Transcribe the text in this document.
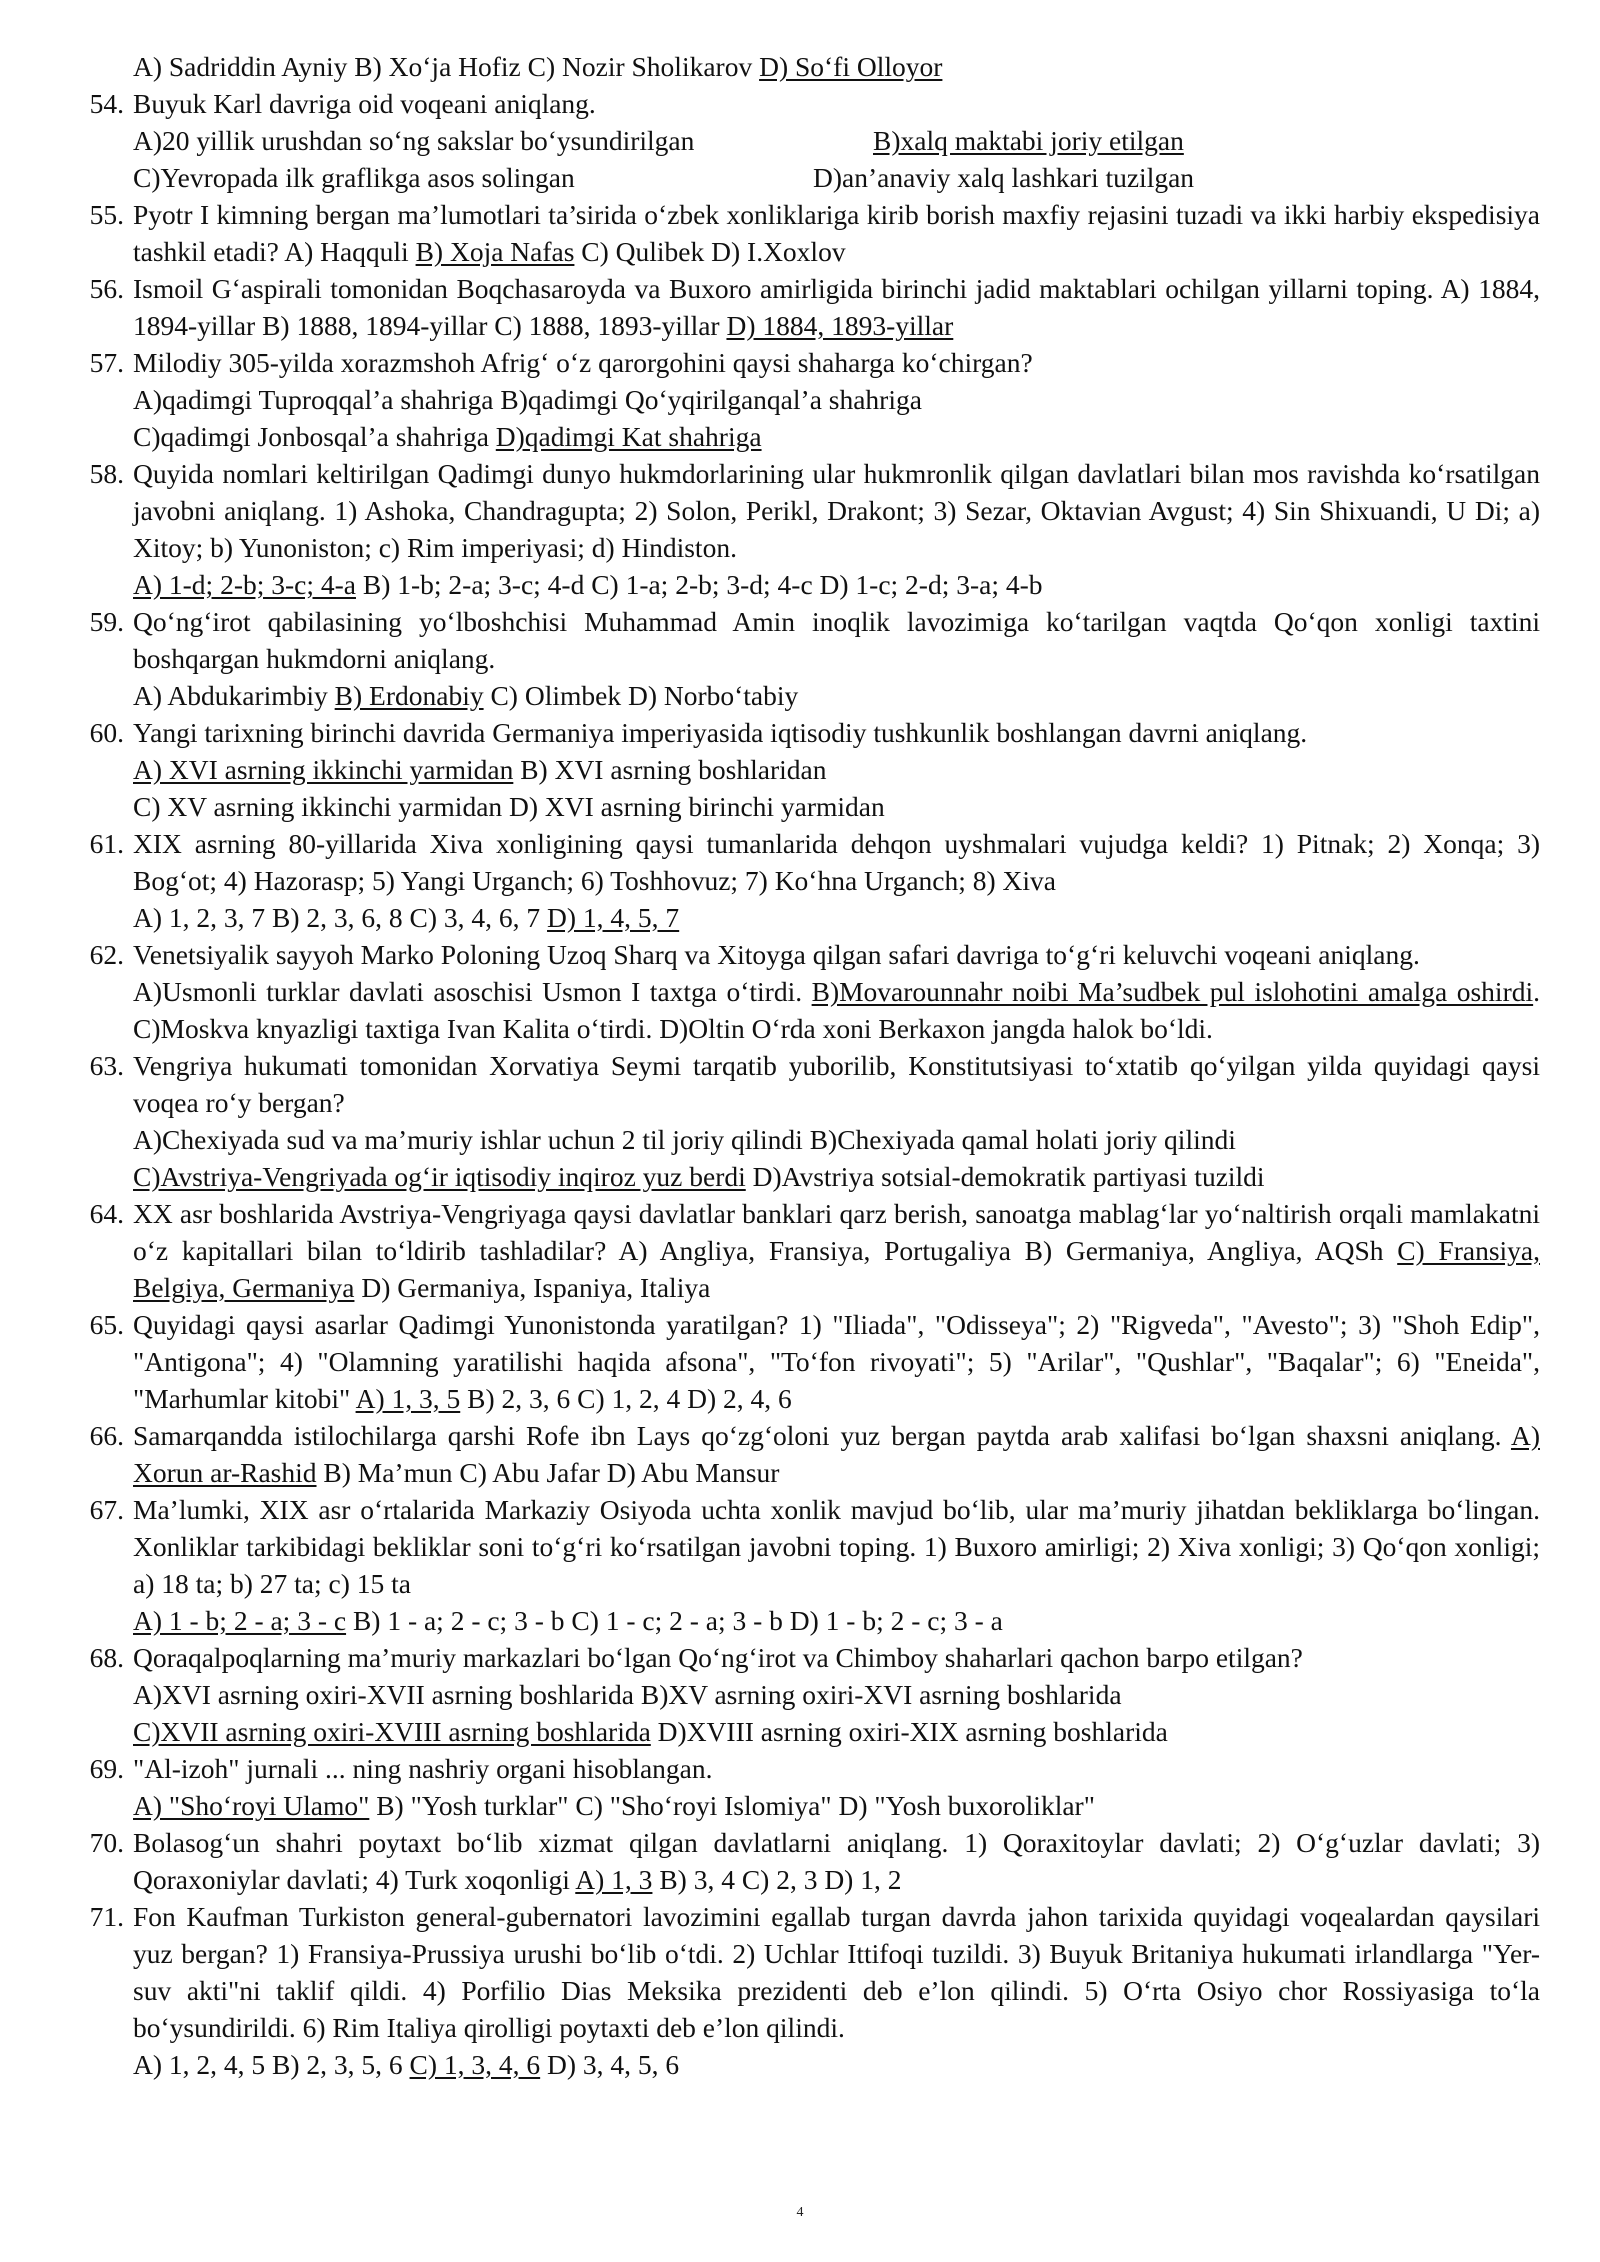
A) Sadriddin Ayniy B) Xo‘ja Hofiz C) Nozir Sholikarov D) So‘fi Olloyor
54. Buyuk Karl davriga oid voqeani aniqlang.
A)20 yillik urushdan so‘ng sakslar bo‘ysundirilgan	B)xalq maktabi joriy etilgan
C)Yevropada ilk graflikga asos solingan	D)an’anaviy xalq lashkari tuzilgan
55. Pyotr I kimning bergan ma’lumotlari ta’sirida o‘zbek xonliklariga kirib borish maxfiy rejasini tuzadi va ikki harbiy ekspedisiya tashkil etadi? A) Haqquli B) Xoja Nafas C) Qulibek D) I.Xoxlov
56. Ismoil G‘aspirali tomonidan Boqchasaroyda va Buxoro amirligida birinchi jadid maktablari ochilgan yillarni toping. A) 1884, 1894-yillar B) 1888, 1894-yillar C) 1888, 1893-yillar D) 1884, 1893-yillar
57. Milodiy 305-yilda xorazmshoh Afrig‘ o‘z qarorgohini qaysi shaharga ko‘chirgan?
A)qadimgi Tuproqqal’a shahriga B)qadimgi Qo‘yqirilganqal’a shahriga
C)qadimgi Jonbosqal’a shahriga D)qadimgi Kat shahriga
58. Quyida nomlari keltirilgan Qadimgi dunyo hukmdorlarining ular hukmronlik qilgan davlatlari bilan mos ravishda ko‘rsatilgan javobni aniqlang. 1) Ashoka, Chandragupta; 2) Solon, Perikl, Drakont; 3) Sezar, Oktavian Avgust; 4) Sin Shixuandi, U Di; a) Xitoy; b) Yunoniston; c) Rim imperiyasi; d) Hindiston.
A) 1-d; 2-b; 3-c; 4-a B) 1-b; 2-a; 3-c; 4-d C) 1-a; 2-b; 3-d; 4-c D) 1-c; 2-d; 3-a; 4-b
59. Qo‘ng‘irot qabilasining yo‘lboshchisi Muhammad Amin inoqlik lavozimiga ko‘tarilgan vaqtda Qo‘qon xonligi taxtini boshqargan hukmdorni aniqlang.
A) Abdukarimbiy B) Erdonabiy C) Olimbek D) Norbo‘tabiy
60. Yangi tarixning birinchi davrida Germaniya imperiyasida iqtisodiy tushkunlik boshlangan davrni aniqlang.
A) XVI asrning ikkinchi yarmidan B) XVI asrning boshlaridan
C) XV asrning ikkinchi yarmidan D) XVI asrning birinchi yarmidan
61. XIX asrning 80-yillarida Xiva xonligining qaysi tumanlarida dehqon uyshmalari vujudga keldi? 1) Pitnak; 2) Xonqa; 3) Bog‘ot; 4) Hazorasp; 5) Yangi Urganch; 6) Toshhovuz; 7) Ko‘hna Urganch; 8) Xiva
A) 1, 2, 3, 7 B) 2, 3, 6, 8 C) 3, 4, 6, 7 D) 1, 4, 5, 7
62. Venetsiyalik sayyoh Marko Poloning Uzoq Sharq va Xitoyga qilgan safari davriga to‘g‘ri keluvchi voqeani aniqlang.
A)Usmonli turklar davlati asoschisi Usmon I taxtga o‘tirdi. B)Movarounnahr noibi Ma’sudbek pul islohotini amalga oshirdi. C)Moskva knyazligi taxtiga Ivan Kalita o‘tirdi. D)Oltin O‘rda xoni Berkaxon jangda halok bo‘ldi.
63. Vengriya hukumati tomonidan Xorvatiya Seymi tarqatib yuborilib, Konstitutsiyasi to‘xtatib qo‘yilgan yilda quyidagi qaysi voqea ro‘y bergan?
A)Chexiyada sud va ma’muriy ishlar uchun 2 til joriy qilindi B)Chexiyada qamal holati joriy qilindi
C)Avstriya-Vengriyada og‘ir iqtisodiy inqiroz yuz berdi D)Avstriya sotsial-demokratik partiyasi tuzildi
64. XX asr boshlarida Avstriya-Vengriyaga qaysi davlatlar banklari qarz berish, sanoatga mablag‘lar yo‘naltirish orqali mamlakatni o‘z kapitallari bilan to‘ldirib tashladilar? A) Angliya, Fransiya, Portugaliya B) Germaniya, Angliya, AQSh C) Fransiya, Belgiya, Germaniya D) Germaniya, Ispaniya, Italiya
65. Quyidagi qaysi asarlar Qadimgi Yunonistonda yaratilgan? 1) "Iliada", "Odisseya"; 2) "Rigveda", "Avesto"; 3) "Shoh Edip", "Antigona"; 4) "Olamning yaratilishi haqida afsona", "To‘fon rivoyati"; 5) "Arilar", "Qushlar", "Baqalar"; 6) "Eneida", "Marhumlar kitobi" A) 1, 3, 5 B) 2, 3, 6 C) 1, 2, 4 D) 2, 4, 6
66. Samarqandda istilochilarga qarshi Rofe ibn Lays qo‘zg‘oloni yuz bergan paytda arab xalifasi bo‘lgan shaxsni aniqlang. A) Xorun ar-Rashid B) Ma’mun C) Abu Jafar D) Abu Mansur
67. Ma’lumki, XIX asr o‘rtalarida Markaziy Osiyoda uchta xonlik mavjud bo‘lib, ular ma’muriy jihatdan bekliklarga bo‘lingan. Xonliklar tarkibidagi bekliklar soni to‘g‘ri ko‘rsatilgan javobni toping. 1) Buxoro amirligi; 2) Xiva xonligi; 3) Qo‘qon xonligi; a) 18 ta; b) 27 ta; c) 15 ta
A) 1 - b; 2 - a; 3 - c B) 1 - a; 2 - c; 3 - b C) 1 - c; 2 - a; 3 - b D) 1 - b; 2 - c; 3 - a
68. Qoraqalpoqlarning ma’muriy markazlari bo‘lgan Qo‘ng‘irot va Chimboy shaharlari qachon barpo etilgan?
A)XVI asrning oxiri-XVII asrning boshlarida B)XV asrning oxiri-XVI asrning boshlarida
C)XVII asrning oxiri-XVIII asrning boshlarida D)XVIII asrning oxiri-XIX asrning boshlarida
69. "Al-izoh" jurnali ... ning nashriy organi hisoblangan.
A) "Sho‘royi Ulamo" B) "Yosh turklar" C) "Sho‘royi Islomiya" D) "Yosh buxoroliklar"
70. Bolasog‘un shahri poytaxt bo‘lib xizmat qilgan davlatlarni aniqlang. 1) Qoraxitoylar davlati; 2) O‘g‘uzlar davlati; 3) Qoraxoniylar davlati; 4) Turk xoqonligi A) 1, 3 B) 3, 4 C) 2, 3 D) 1, 2
71. Fon Kaufman Turkiston general-gubernatori lavozimini egallab turgan davrda jahon tarixida quyidagi voqealardan qaysilari yuz bergan? 1) Fransiya-Prussiya urushi bo‘lib o‘tdi. 2) Uchlar Ittifoqi tuzildi. 3) Buyuk Britaniya hukumati irlandlarga "Yer-suv akti"ni taklif qildi. 4) Porfilio Dias Meksika prezidenti deb e’lon qilindi. 5) O‘rta Osiyo chor Rossiyasiga to‘la bo‘ysundirildi. 6) Rim Italiya qirolligi poytaxti deb e’lon qilindi.
A) 1, 2, 4, 5 B) 2, 3, 5, 6 C) 1, 3, 4, 6 D) 3, 4, 5, 6
4
